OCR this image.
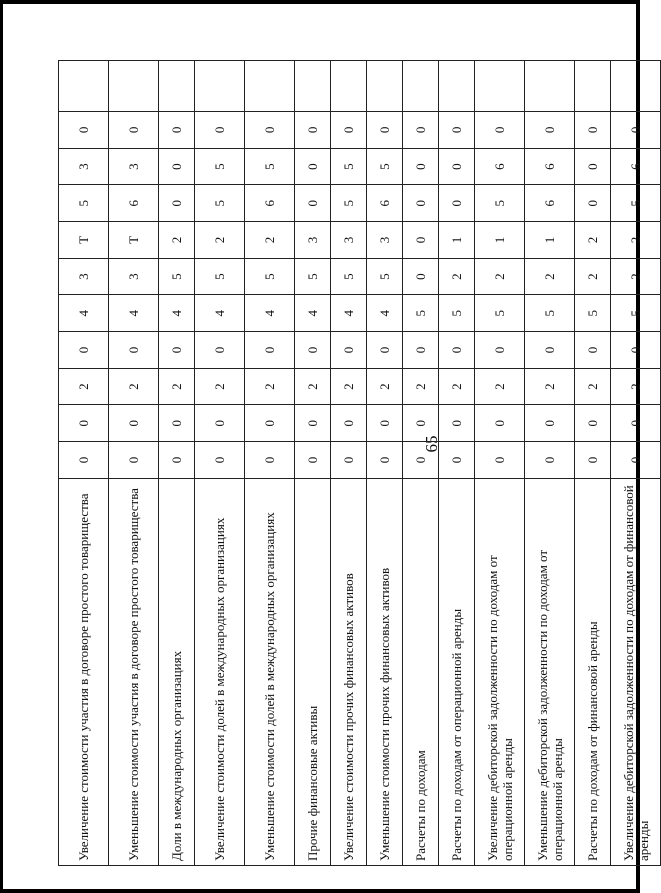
65
Увеличение стоимости участия в договоре простого товарищества	0	0	2	0	4	3	Т	5	3	0	
Уменьшение стоимости участия в договоре простого товарищества	0	0	2	0	4	3	Т	6	3	0	
Доли в международных организациях	0	0	2	0	4	5	2	0	0	0	
Увеличение стоимости долей в международных организациях	0	0	2	0	4	5	2	5	5	0	
Уменьшение стоимости долей в международных организациях	0	0	2	0	4	5	2	6	5	0	
Прочие финансовые активы	0	0	2	0	4	5	3	0	0	0	
Увеличение стоимости прочих финансовых активов	0	0	2	0	4	5	3	5	5	0	
Уменьшение стоимости прочих финансовых активов	0	0	2	0	4	5	3	6	5	0	
Расчеты по доходам	0	0	2	0	5	0	0	0	0	0	
Расчеты по доходам от операционной аренды	0	0	2	0	5	2	1	0	0	0	
Увеличение дебиторской задолженности по доходам от операционной аренды	0	0	2	0	5	2	1	5	6	0	
Уменьшение дебиторской задолженности по доходам от операционной аренды	0	0	2	0	5	2	1	6	6	0	
Расчеты по доходам от финансовой аренды	0	0	2	0	5	2	2	0	0	0	
Увеличение дебиторской задолженности по доходам от финансовой аренды	0	0	2	0	5	2	2	5	6	0	
